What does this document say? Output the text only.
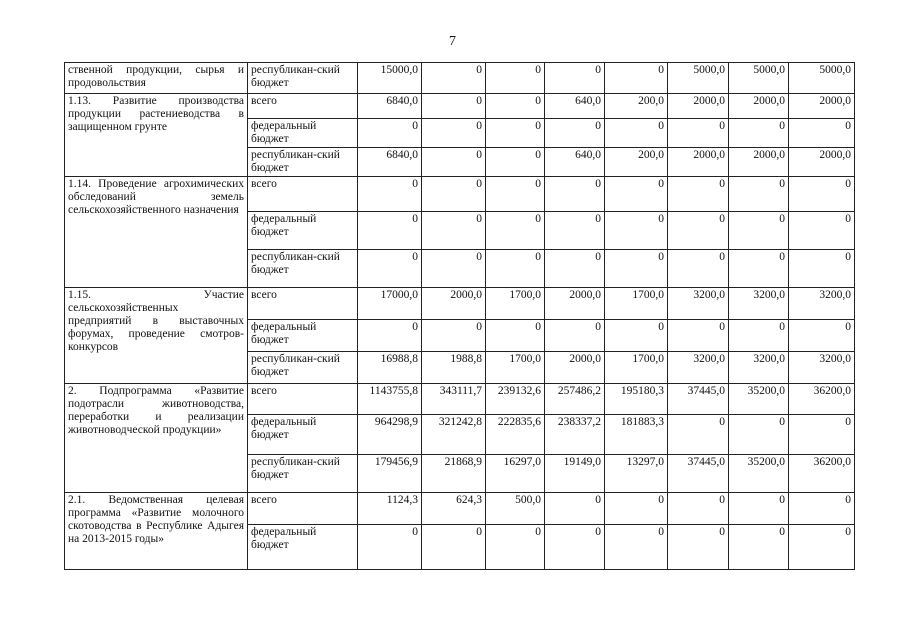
7
ственной продукции, сырья и продовольствия	республикан-ский бюджет	15000,0	0	0	0	0	5000,0	5000,0	5000,0
1.13. Развитие производства продукции растениеводства в защищенном грунте	всего	6840,0	0	0	640,0	200,0	2000,0	2000,0	2000,0
	федеральный бюджет	0	0	0	0	0	0	0	0
	республикан-ский бюджет	6840,0	0	0	640,0	200,0	2000,0	2000,0	2000,0
1.14. Проведение агрохимических обследований земель сельскохозяйственного назначения	всего	0	0	0	0	0	0	0	0
	федеральный бюджет	0	0	0	0	0	0	0	0
	республикан-ский бюджет	0	0	0	0	0	0	0	0
1.15. Участие сельскохозяйственных предприятий в выставочных форумах, проведение смотров-конкурсов	всего	17000,0	2000,0	1700,0	2000,0	1700,0	3200,0	3200,0	3200,0
	федеральный бюджет	0	0	0	0	0	0	0	0
	республикан-ский бюджет	16988,8	1988,8	1700,0	2000,0	1700,0	3200,0	3200,0	3200,0
2. Подпрограмма «Развитие подотрасли животноводства, переработки и реализации животноводческой продукции»	всего	1143755,8	343111,7	239132,6	257486,2	195180,3	37445,0	35200,0	36200,0
	федеральный бюджет	964298,9	321242,8	222835,6	238337,2	181883,3	0	0	0
	республикан-ский бюджет	179456,9	21868,9	16297,0	19149,0	13297,0	37445,0	35200,0	36200,0
2.1. Ведомственная целевая программа «Развитие молочного скотоводства в Республике Адыгея на 2013-2015 годы»	всего	1124,3	624,3	500,0	0	0	0	0	0
	федеральный бюджет	0	0	0	0	0	0	0	0
